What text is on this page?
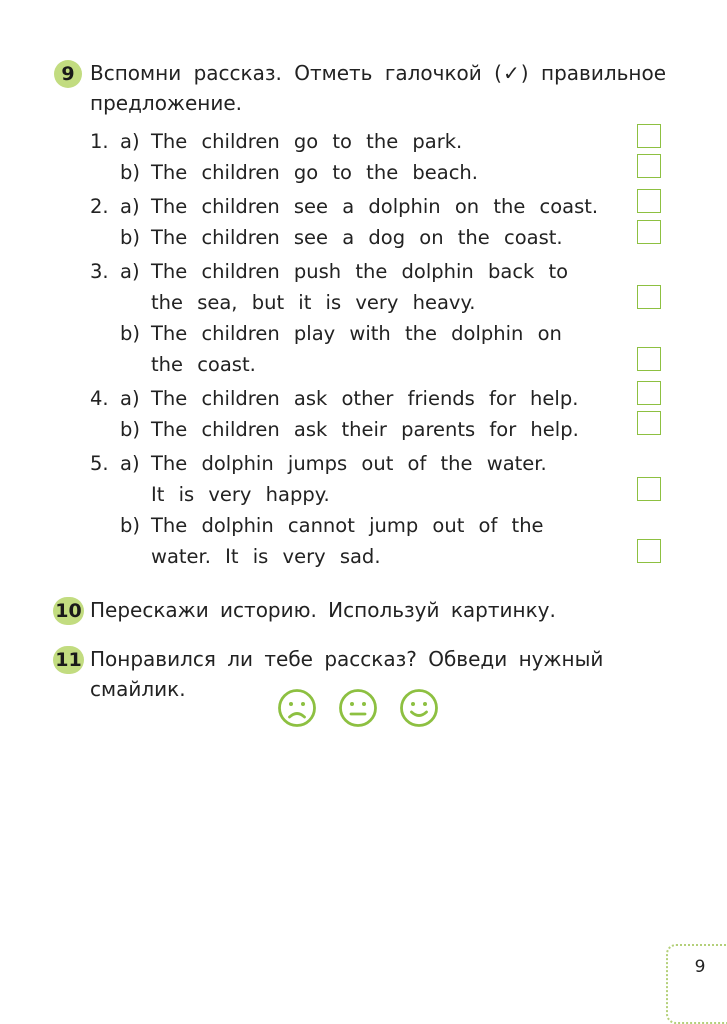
9 Вспомни рассказ. Отметь галочкой (✓) правильное предложение.
1. a) The children go to the park.
b) The children go to the beach.
2. a) The children see a dolphin on the coast.
b) The children see a dog on the coast.
3. a) The children push the dolphin back to
the sea, but it is very heavy.
b) The children play with the dolphin on
the coast.
4. a) The children ask other friends for help.
b) The children ask their parents for help.
5. a) The dolphin jumps out of the water.
It is very happy.
b) The dolphin cannot jump out of the
water. It is very sad.
10 Перескажи историю. Используй картинку.
11 Понравился ли тебе рассказ? Обведи нужный смайлик.
9
